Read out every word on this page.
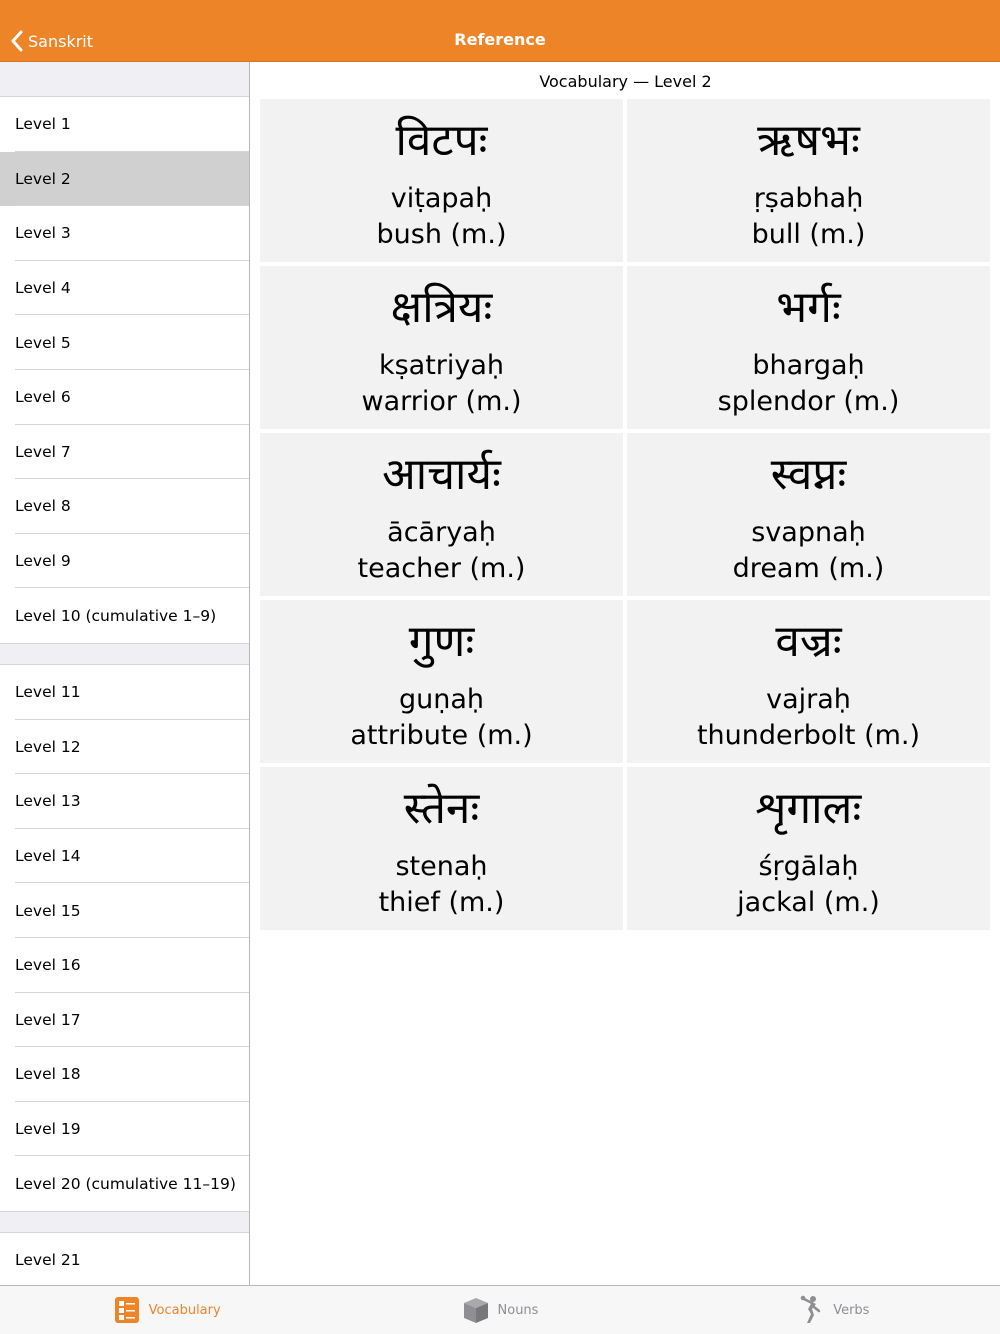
Sanskrit	Reference
Level 1
Level 2
Level 3
Level 4
Level 5
Level 6
Level 7
Level 8
Level 9
Level 10 (cumulative 1–9)
Level 11
Level 12
Level 13
Level 14
Level 15
Level 16
Level 17
Level 18
Level 19
Level 20 (cumulative 11–19)
Level 21
Vocabulary — Level 2
विटपः
viṭapaḥ
bush (m.)
ऋषभः
ṛṣabhaḥ
bull (m.)
क्षत्रियः
kṣatriyaḥ
warrior (m.)
भर्गः
bhargaḥ
splendor (m.)
आचार्यः
ācāryaḥ
teacher (m.)
स्वप्नः
svapnaḥ
dream (m.)
गुणः
guṇaḥ
attribute (m.)
वज्रः
vajraḥ
thunderbolt (m.)
स्तेनः
stenaḥ
thief (m.)
शृगालः
śṛgālaḥ
jackal (m.)
Vocabulary	Nouns	Verbs
